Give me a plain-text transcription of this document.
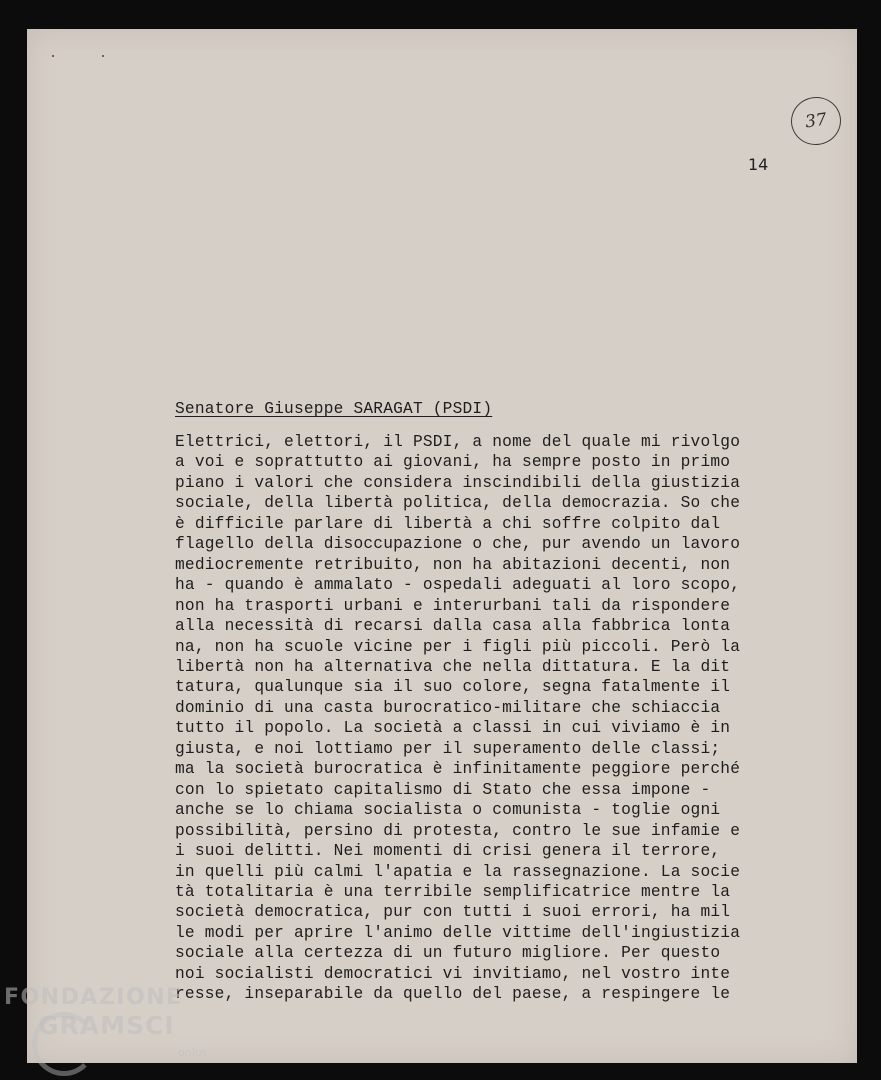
37
14
Senatore Giuseppe SARAGAT (PSDI)
Elettrici, elettori, il PSDI, a nome del quale mi rivolgo
a voi e soprattutto ai giovani, ha sempre posto in primo
piano i valori che considera inscindibili della giustizia
sociale, della libertà politica, della democrazia. So che
è difficile parlare di libertà a chi soffre colpito dal
flagello della disoccupazione o che, pur avendo un lavoro
mediocremente retribuito, non ha abitazioni decenti, non
ha - quando è ammalato - ospedali adeguati al loro scopo,
non ha trasporti urbani e interurbani tali da rispondere
alla necessità di recarsi dalla casa alla fabbrica lonta
na, non ha scuole vicine per i figli più piccoli. Però la
libertà non ha alternativa che nella dittatura. E la dit
tatura, qualunque sia il suo colore, segna fatalmente il
dominio di una casta burocratico-militare che schiaccia
tutto il popolo. La società a classi in cui viviamo è in
giusta, e noi lottiamo per il superamento delle classi;
ma la società burocratica è infinitamente peggiore perché
con lo spietato capitalismo di Stato che essa impone -
anche se lo chiama socialista o comunista - toglie ogni
possibilità, persino di protesta, contro le sue infamie e
i suoi delitti. Nei momenti di crisi genera il terrore,
in quelli più calmi l'apatia e la rassegnazione. La socie
tà totalitaria è una terribile semplificatrice mentre la
società democratica, pur con tutti i suoi errori, ha mil
le modi per aprire l'animo delle vittime dell'ingiustizia
sociale alla certezza di un futuro migliore. Per questo
noi socialisti democratici vi invitiamo, nel vostro inte
resse, inseparabile da quello del paese, a respingere le
FONDAZIONE
GRAMSCI
onlus
